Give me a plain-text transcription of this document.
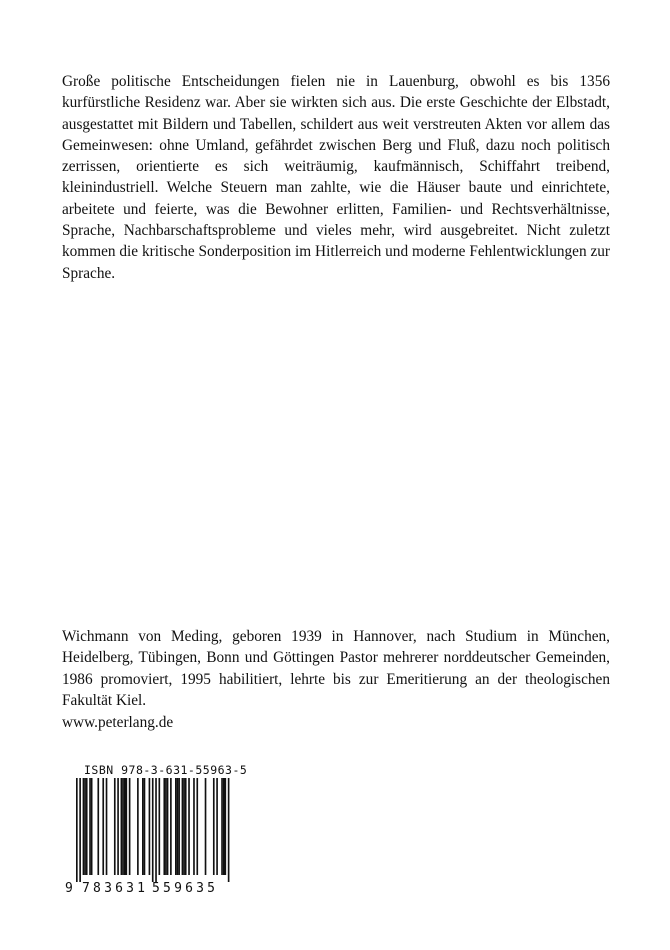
Große politische Entscheidungen fielen nie in Lauenburg, obwohl es bis 1356 kurfürstliche Residenz war. Aber sie wirkten sich aus. Die erste Geschichte der Elbstadt, ausgestattet mit Bildern und Tabellen, schildert aus weit verstreuten Akten vor allem das Gemeinwesen: ohne Umland, gefährdet zwischen Berg und Fluß, dazu noch politisch zerrissen, orientierte es sich weiträumig, kaufmännisch, Schiffahrt treibend, kleinindustriell. Welche Steuern man zahlte, wie die Häuser baute und einrichtete, arbeitete und feierte, was die Bewohner erlitten, Familien- und Rechtsverhältnisse, Sprache, Nachbarschaftsprobleme und vieles mehr, wird ausgebreitet. Nicht zuletzt kommen die kritische Sonderposition im Hitlerreich und moderne Fehlentwicklungen zur Sprache.

Wichmann von Meding, geboren 1939 in Hannover, nach Studium in München, Heidelberg, Tübingen, Bonn und Göttingen Pastor mehrerer norddeutscher Gemeinden, 1986 promoviert, 1995 habilitiert, lehrte bis zur Emeritierung an der theologischen Fakultät Kiel.

www.peterlang.de

ISBN 978-3-631-55963-5
9 783631 559635
